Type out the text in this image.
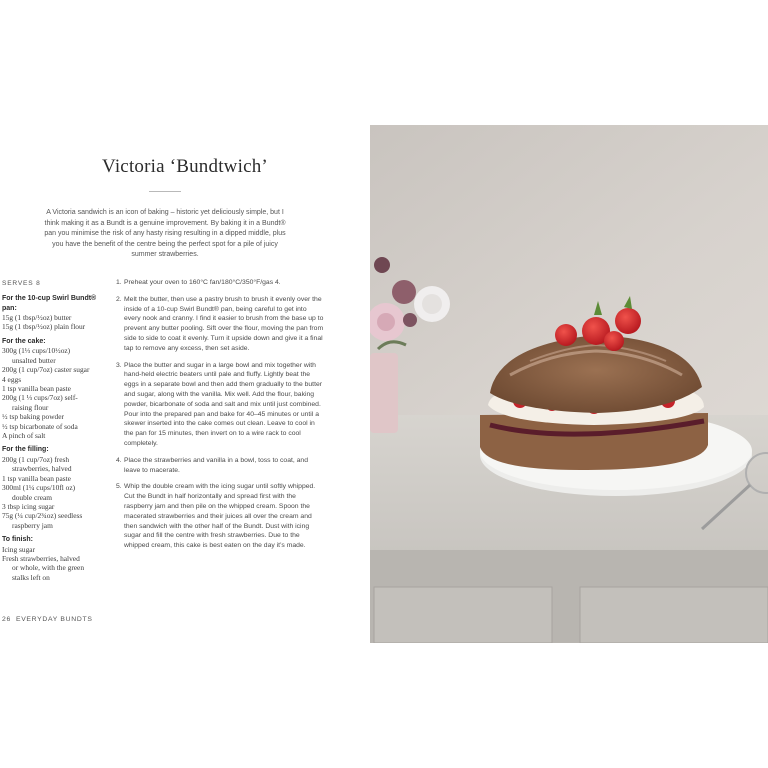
Victoria ‘Bundtwich’

A Victoria sandwich is an icon of baking – historic yet deliciously simple, but I think making it as a Bundt is a genuine improvement. By baking it in a Bundt® pan you minimise the risk of any hasty rising resulting in a dipped middle, plus you have the benefit of the centre being the perfect spot for a pile of juicy summer strawberries.

SERVES 8
For the 10-cup Swirl Bundt® pan:
15g (1 tbsp/½oz) butter
15g (1 tbsp/½oz) plain flour
For the cake:
300g (1⅓ cups/10½oz)
unsalted butter
200g (1 cup/7oz) caster sugar
4 eggs
1 tsp vanilla bean paste
200g (1 ⅓ cups/7oz) self-
raising flour
½ tsp baking powder
½ tsp bicarbonate of soda
A pinch of salt
For the filling:
200g (1 cup/7oz) fresh
strawberries, halved
1 tsp vanilla bean paste
300ml (1¼ cups/10fl oz)
double cream
3 tbsp icing sugar
75g (¼ cup/2¾oz) seedless
raspberry jam
To finish:
Icing sugar
Fresh strawberries, halved
or whole, with the green
stalks left on
1. Preheat your oven to 160°C fan/180°C/350°F/gas 4.
2. Melt the butter, then use a pastry brush to brush it evenly over the inside of a 10-cup Swirl Bundt® pan, being careful to get into every nook and cranny. I find it easier to brush from the base up to prevent any butter pooling. Sift over the flour, moving the pan from side to side to coat it evenly. Turn it upside down and give it a final tap to remove any excess, then set aside.
3. Place the butter and sugar in a large bowl and mix together with hand-held electric beaters until pale and fluffy. Lightly beat the eggs in a separate bowl and then add them gradually to the butter and sugar, along with the vanilla. Mix well. Add the flour, baking powder, bicarbonate of soda and salt and mix until just combined. Pour into the prepared pan and bake for 40–45 minutes or until a skewer inserted into the cake comes out clean. Leave to cool in the pan for 15 minutes, then invert on to a wire rack to cool completely.
4. Place the strawberries and vanilla in a bowl, toss to coat, and leave to macerate.
5. Whip the double cream with the icing sugar until softly whipped. Cut the Bundt in half horizontally and spread first with the raspberry jam and then pile on the whipped cream. Spoon the macerated strawberries and their juices all over the cream and then sandwich with the other half of the Bundt. Dust with icing sugar and fill the centre with fresh strawberries. Due to the whipped cream, this cake is best eaten on the day it’s made.
26 EVERYDAY BUNDTS
